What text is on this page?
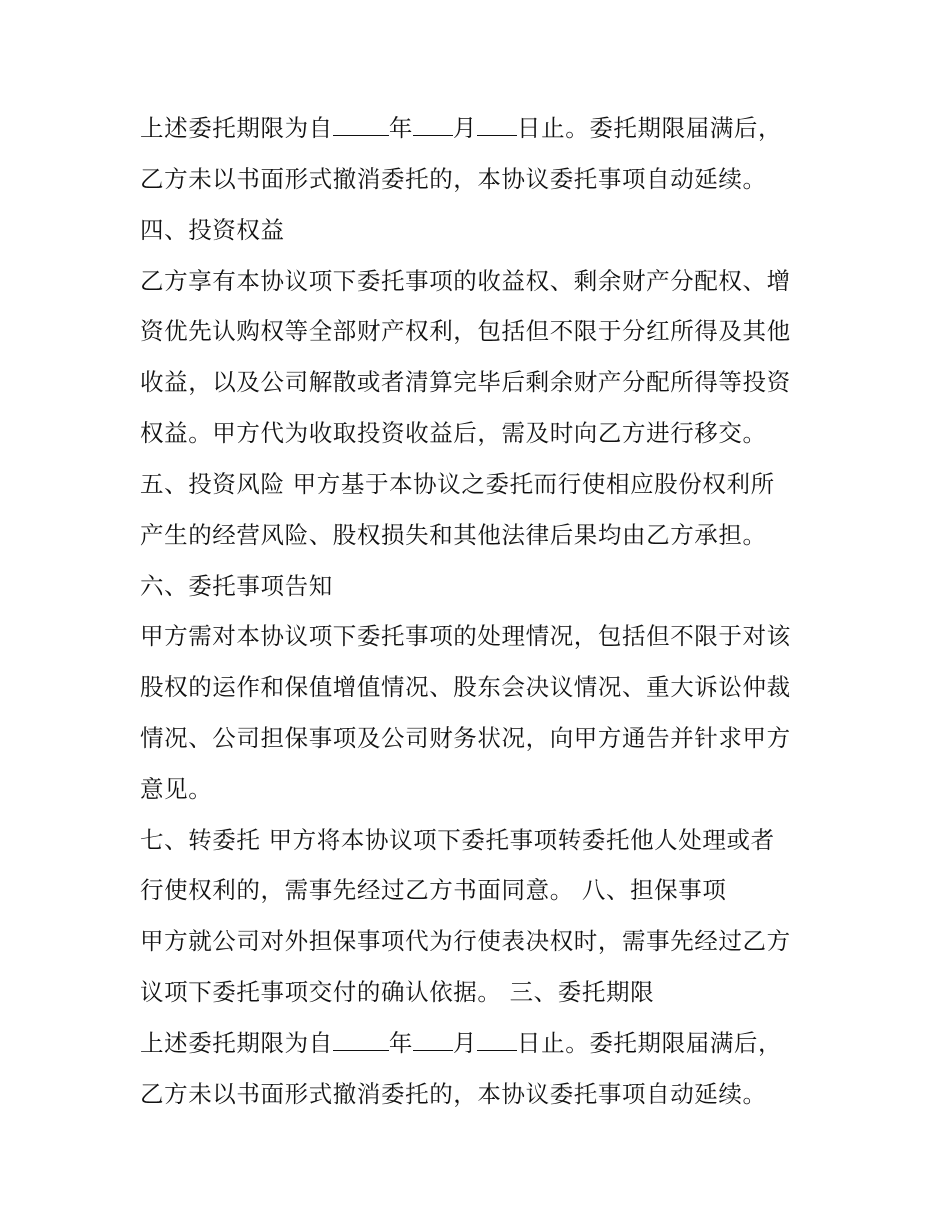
上述委托期限为自 年 月 日止。委托期限届满后，
乙方未以书面形式撤消委托的，本协议委托事项自动延续。
四、投资权益
乙方享有本协议项下委托事项的收益权、剩余财产分配权、增
资优先认购权等全部财产权利，包括但不限于分红所得及其他
收益，以及公司解散或者清算完毕后剩余财产分配所得等投资
权益。甲方代为收取投资收益后，需及时向乙方进行移交。
五、投资风险 甲方基于本协议之委托而行使相应股份权利所
产生的经营风险、股权损失和其他法律后果均由乙方承担。
六、委托事项告知
甲方需对本协议项下委托事项的处理情况，包括但不限于对该
股权的运作和保值增值情况、股东会决议情况、重大诉讼仲裁
情况、公司担保事项及公司财务状况，向甲方通告并针求甲方
意见。
七、转委托 甲方将本协议项下委托事项转委托他人处理或者
行使权利的，需事先经过乙方书面同意。 八、担保事项
甲方就公司对外担保事项代为行使表决权时，需事先经过乙方
议项下委托事项交付的确认依据。 三、委托期限
上述委托期限为自 年 月 日止。委托期限届满后，
乙方未以书面形式撤消委托的，本协议委托事项自动延续。
